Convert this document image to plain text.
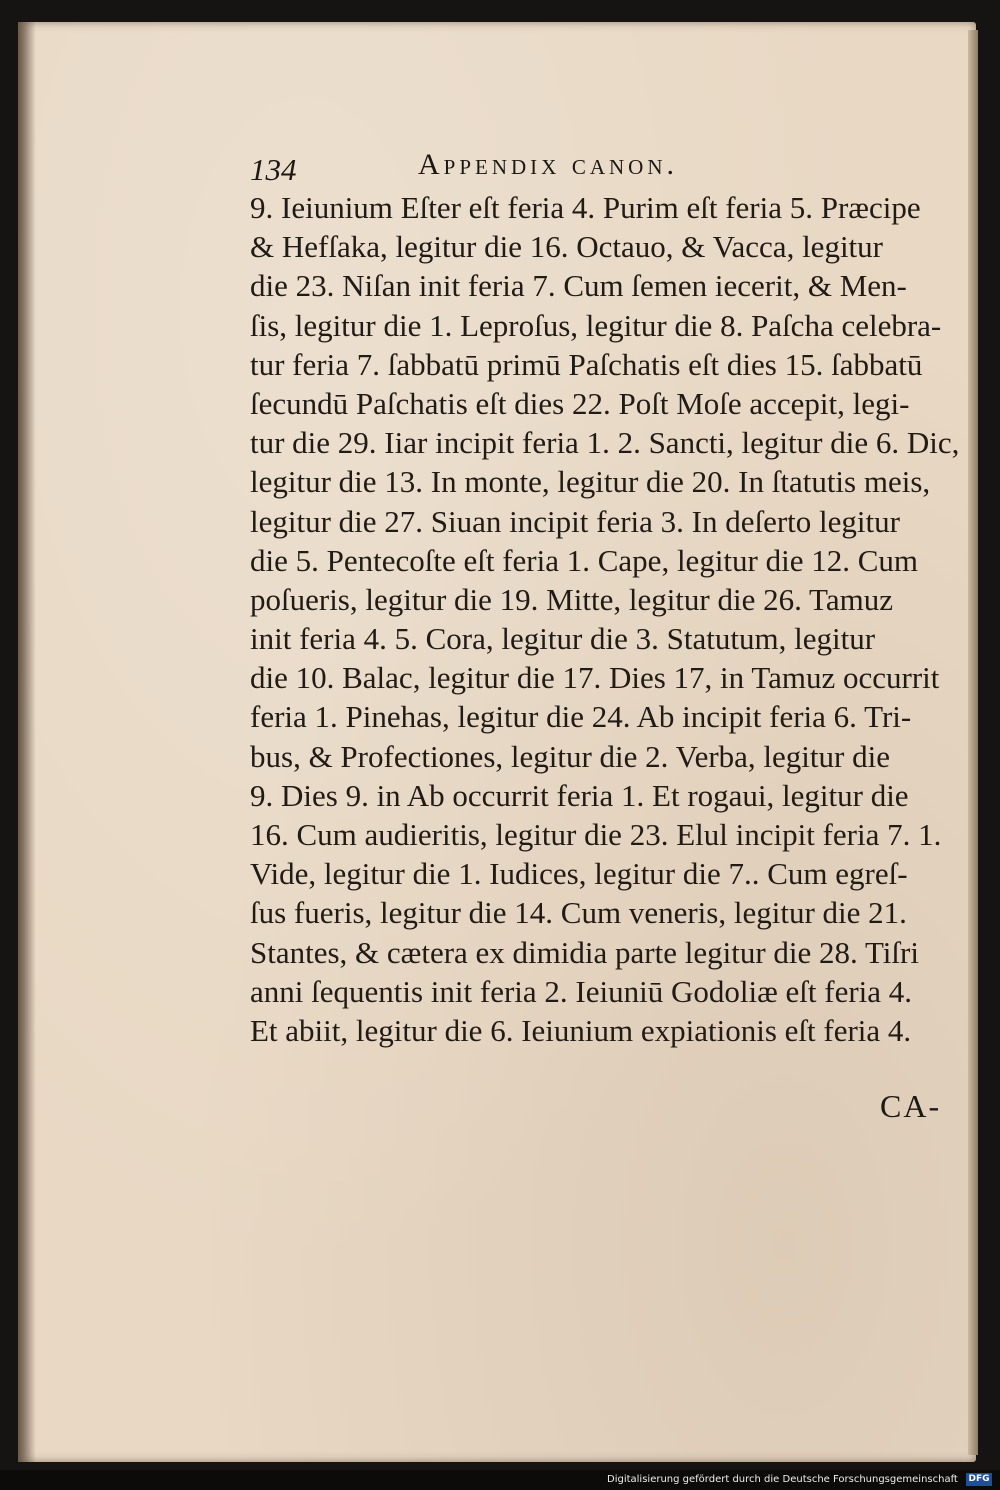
134	Appendix canon.
9. Ieiunium Eſter eſt feria 4. Purim eſt feria 5. Præcipe
& Hefſaka, legitur die 16. Octauo, & Vacca, legitur
die 23. Niſan init feria 7. Cum ſemen iecerit, & Men-
ſis, legitur die 1. Leproſus, legitur die 8. Paſcha celebra-
tur feria 7. ſabbatū primū Paſchatis eſt dies 15. ſabbatū
ſecundū Paſchatis eſt dies 22. Poſt Moſe accepit, legi-
tur die 29. Iiar incipit feria 1. 2. Sancti, legitur die 6. Dic,
legitur die 13. In monte, legitur die 20. In ſtatutis meis,
legitur die 27. Siuan incipit feria 3. In deſerto legitur
die 5. Pentecoſte eſt feria 1. Cape, legitur die 12. Cum
poſueris, legitur die 19. Mitte, legitur die 26. Tamuz
init feria 4. 5. Cora, legitur die 3. Statutum, legitur
die 10. Balac, legitur die 17. Dies 17, in Tamuz occurrit
feria 1. Pinehas, legitur die 24. Ab incipit feria 6. Tri-
bus, & Profectiones, legitur die 2. Verba, legitur die
9. Dies 9. in Ab occurrit feria 1. Et rogaui, legitur die
16. Cum audieritis, legitur die 23. Elul incipit feria 7. 1.
Vide, legitur die 1. Iudices, legitur die 7.. Cum egreſ-
ſus fueris, legitur die 14. Cum veneris, legitur die 21.
Stantes, & cætera ex dimidia parte legitur die 28. Tiſri
anni ſequentis init feria 2. Ieiuniū Godoliæ eſt feria 4.
Et abiit, legitur die 6. Ieiunium expiationis eſt feria 4.
CA-
Digitalisierung gefördert durch die Deutsche Forschungsgemeinschaft DFG
